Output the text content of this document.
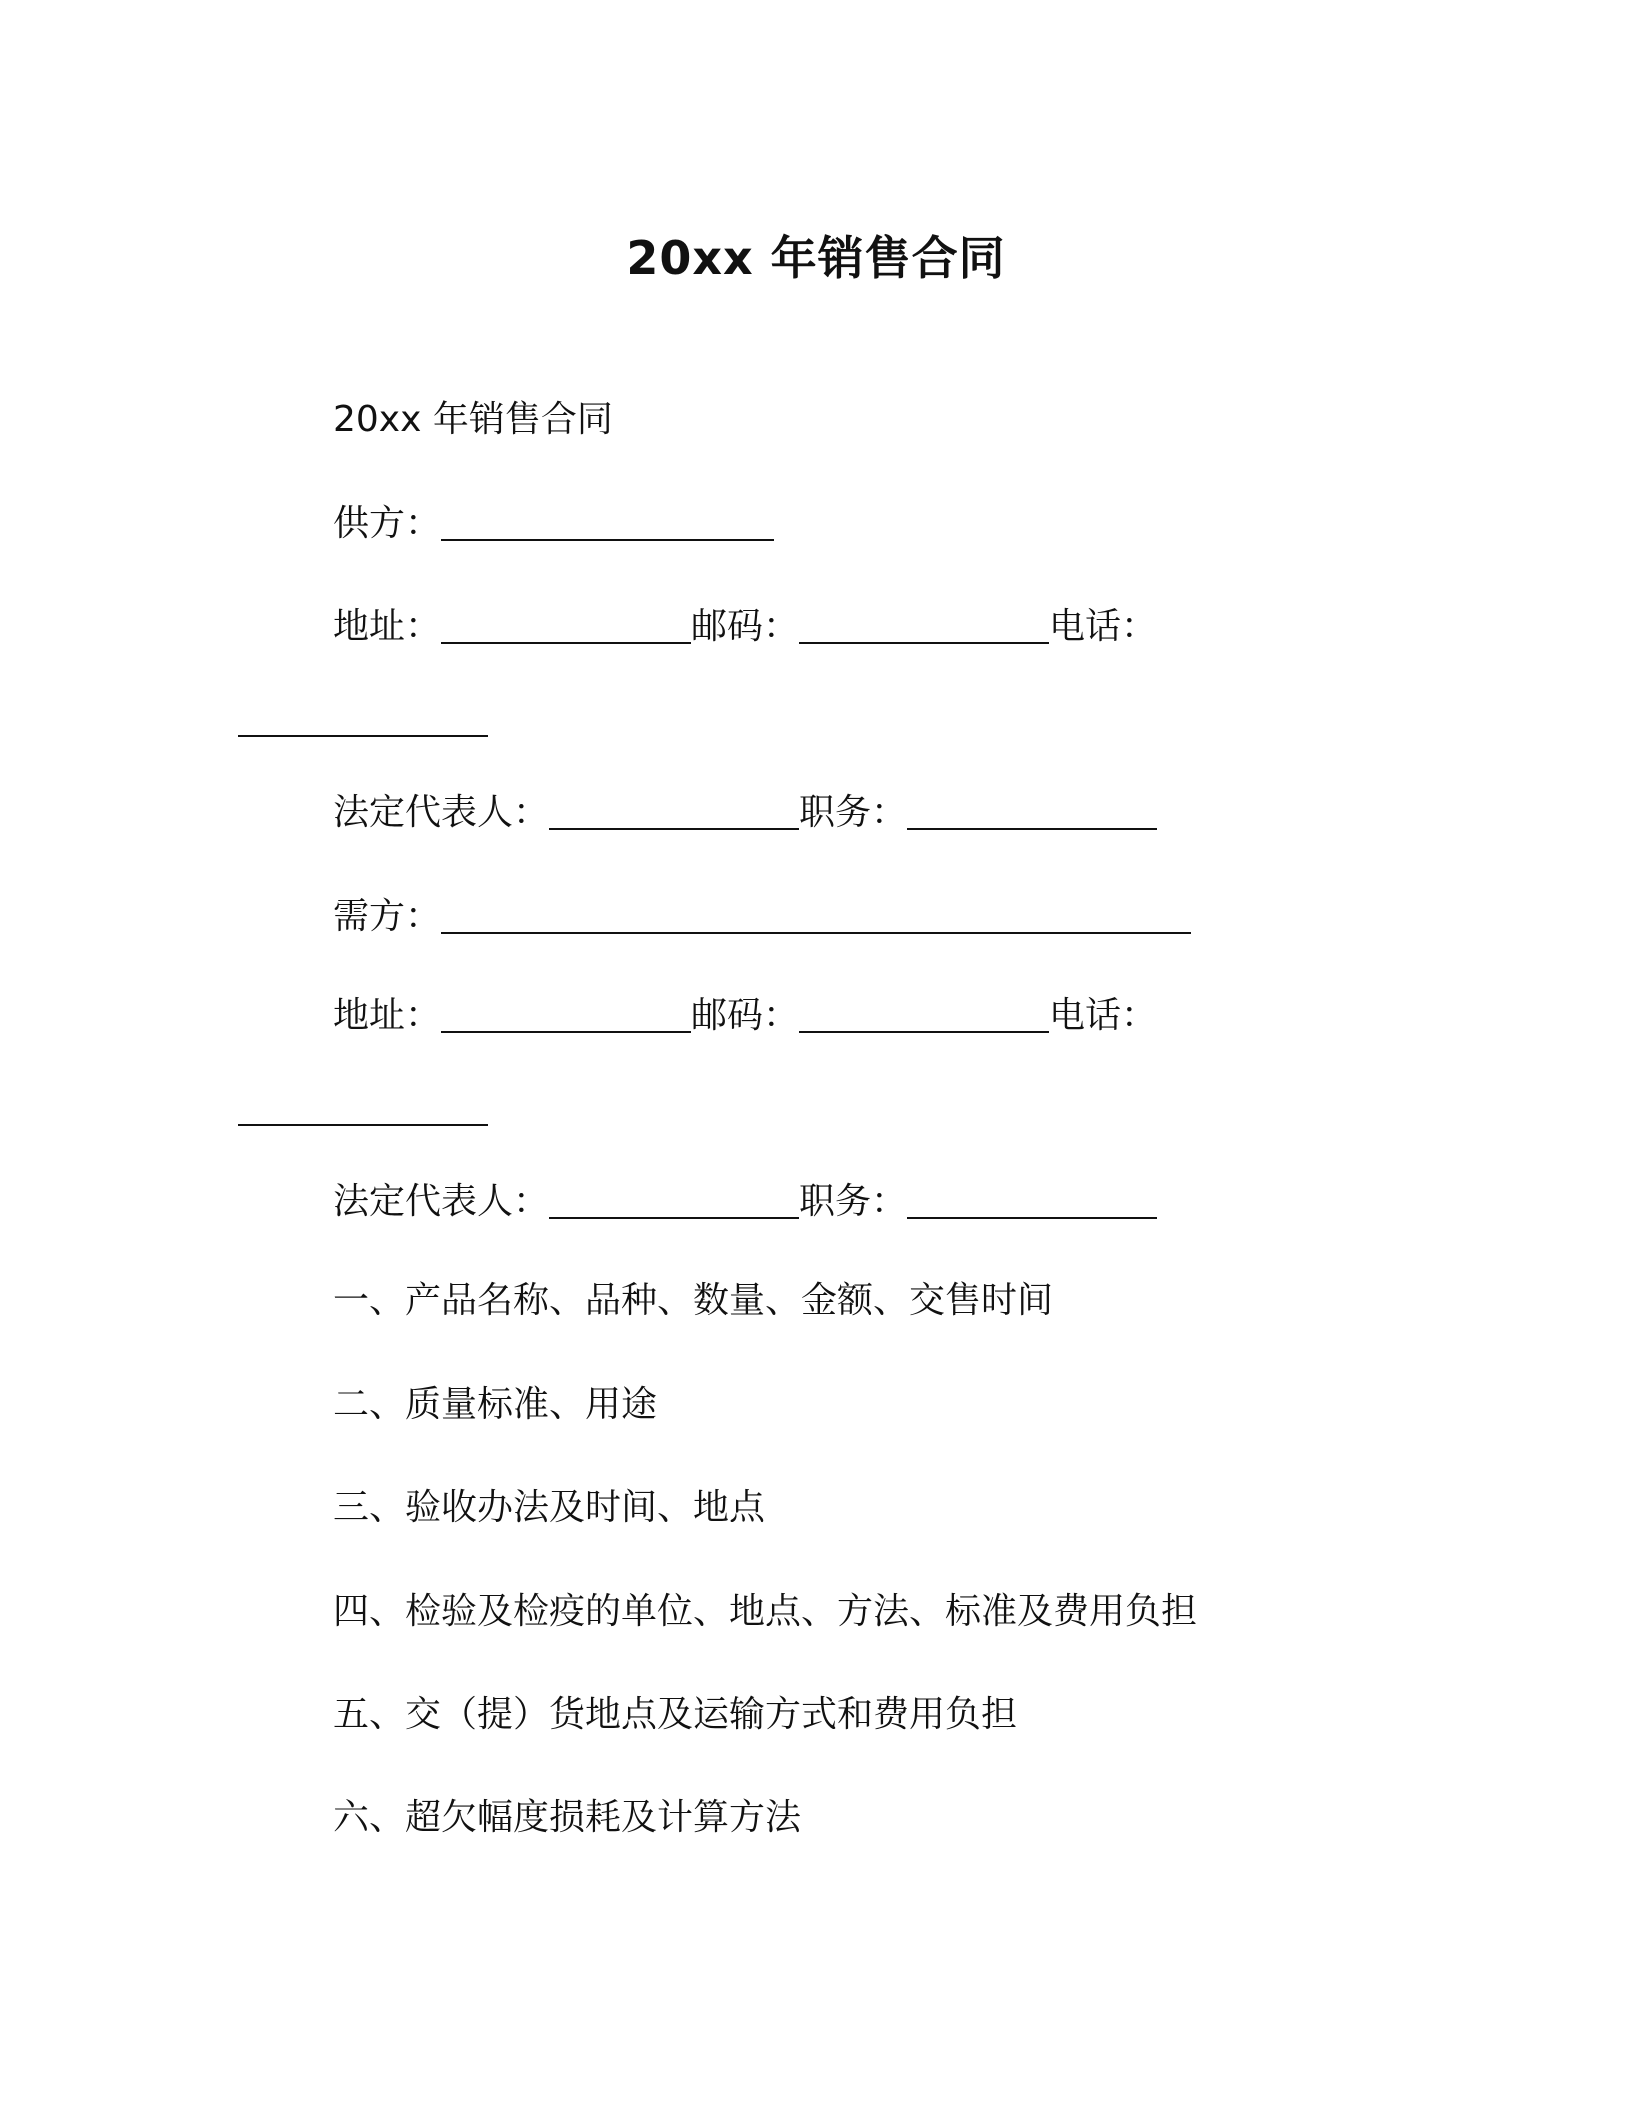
20xx 年销售合同
20xx 年销售合同
供方：
地址：	邮码：	电话：
法定代表人：	职务：
需方：
地址：	邮码：	电话：
法定代表人：	职务：
一、产品名称、品种、数量、金额、交售时间
二、质量标准、用途
三、验收办法及时间、地点
四、检验及检疫的单位、地点、方法、标准及费用负担
五、交（提）货地点及运输方式和费用负担
六、超欠幅度损耗及计算方法
